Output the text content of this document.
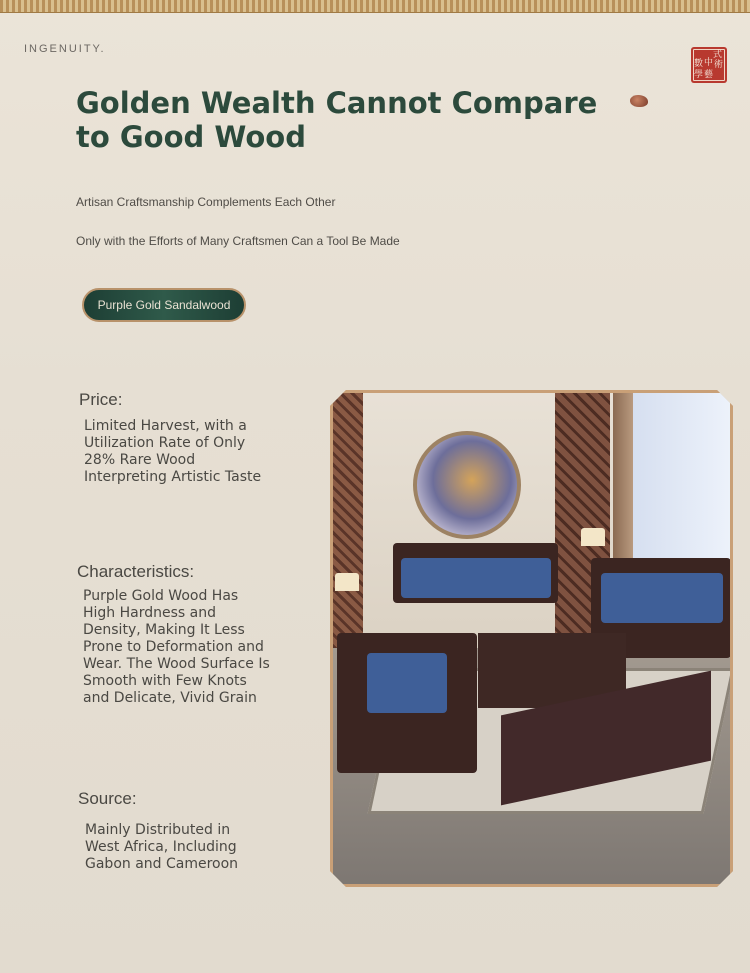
INGENUITY.	式
中
數
藝
學
術
Golden Wealth Cannot Compare to Good Wood
Artisan Craftsmanship Complements Each Other
Only with the Efforts of Many Craftsmen Can a Tool Be Made
Purple Gold Sandalwood
Price:

Limited Harvest, with a Utilization Rate of Only 28% Rare Wood Interpreting Artistic Taste

Characteristics:

Purple Gold Wood Has High Hardness and Density, Making It Less Prone to Deformation and Wear. The Wood Surface Is Smooth with Few Knots and Delicate, Vivid Grain

Source:

Mainly Distributed in West Africa, Including Gabon and Cameroon
